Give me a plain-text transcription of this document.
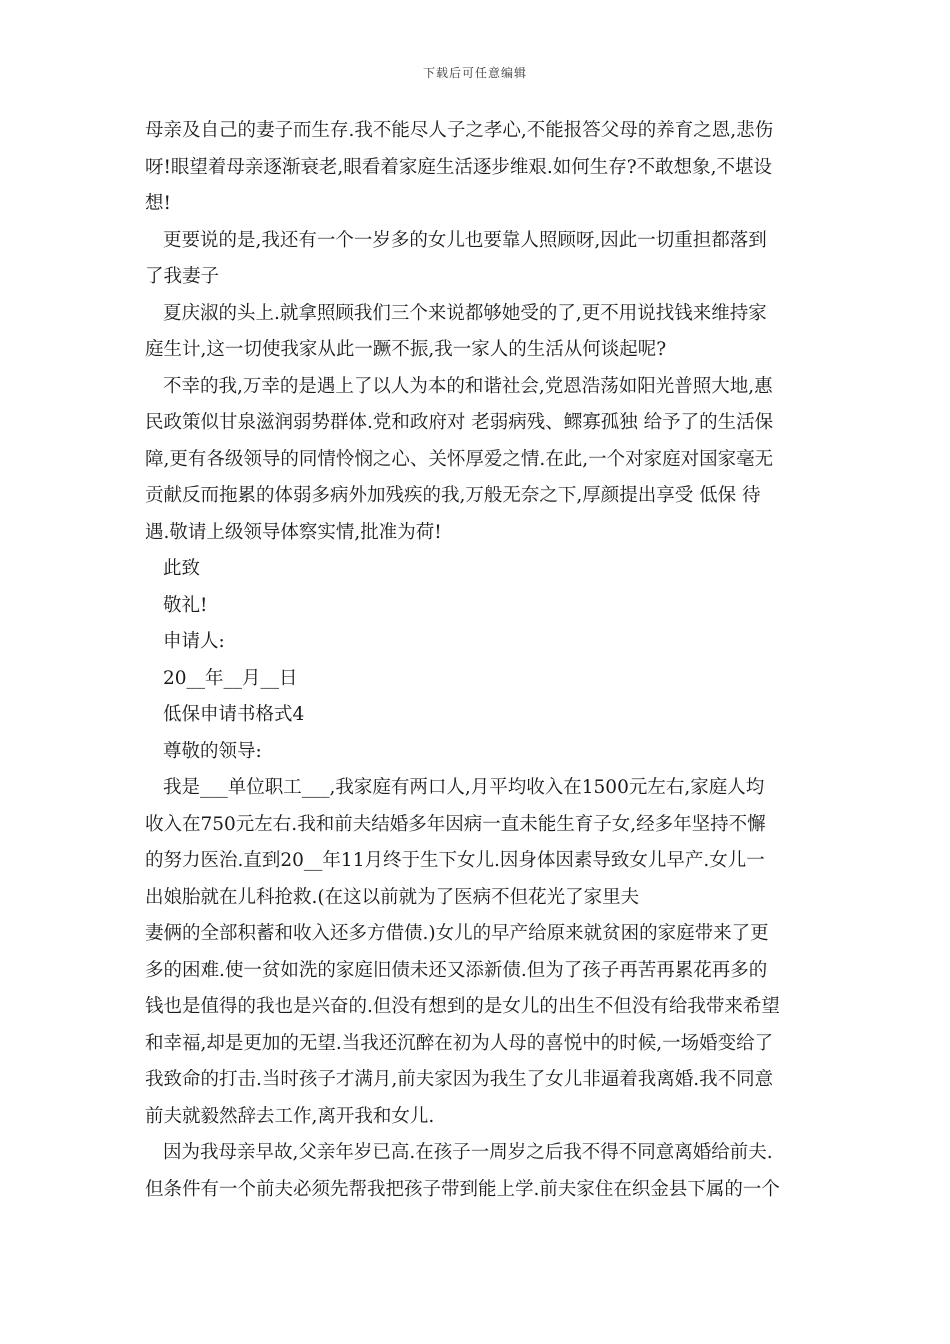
下载后可任意编辑
母亲及自己的妻子而生存.我不能尽人子之孝心,不能报答父母的养育之恩,悲伤
呀!眼望着母亲逐渐衰老,眼看着家庭生活逐步维艰.如何生存?不敢想象,不堪设
想!
更要说的是,我还有一个一岁多的女儿也要靠人照顾呀,因此一切重担都落到
了我妻子
夏庆淑的头上.就拿照顾我们三个来说都够她受的了,更不用说找钱来维持家
庭生计,这一切使我家从此一蹶不振,我一家人的生活从何谈起呢?
不幸的我,万幸的是遇上了以人为本的和谐社会,党恩浩荡如阳光普照大地,惠
民政策似甘泉滋润弱势群体.党和政府对 老弱病残、鳏寡孤独 给予了的生活保
障,更有各级领导的同情怜悯之心、关怀厚爱之情.在此,一个对家庭对国家毫无
贡献反而拖累的体弱多病外加残疾的我,万般无奈之下,厚颜提出享受 低保 待
遇.敬请上级领导体察实情,批准为荷!
此致
敬礼!
申请人:
20__年__月__日
低保申请书格式4
尊敬的领导:
我是___单位职工___,我家庭有两口人,月平均收入在1500元左右,家庭人均
收入在750元左右.我和前夫结婚多年因病一直未能生育子女,经多年坚持不懈
的努力医治.直到20__年11月终于生下女儿.因身体因素导致女儿早产.女儿一
出娘胎就在儿科抢救.(在这以前就为了医病不但花光了家里夫
妻俩的全部积蓄和收入还多方借债.)女儿的早产给原来就贫困的家庭带来了更
多的困难.使一贫如洗的家庭旧债未还又添新债.但为了孩子再苦再累花再多的
钱也是值得的我也是兴奋的.但没有想到的是女儿的出生不但没有给我带来希望
和幸福,却是更加的无望.当我还沉醉在初为人母的喜悦中的时候,一场婚变给了
我致命的打击.当时孩子才满月,前夫家因为我生了女儿非逼着我离婚.我不同意
前夫就毅然辞去工作,离开我和女儿.
因为我母亲早故,父亲年岁已高.在孩子一周岁之后我不得不同意离婚给前夫.
但条件有一个前夫必须先帮我把孩子带到能上学.前夫家住在织金县下属的一个
